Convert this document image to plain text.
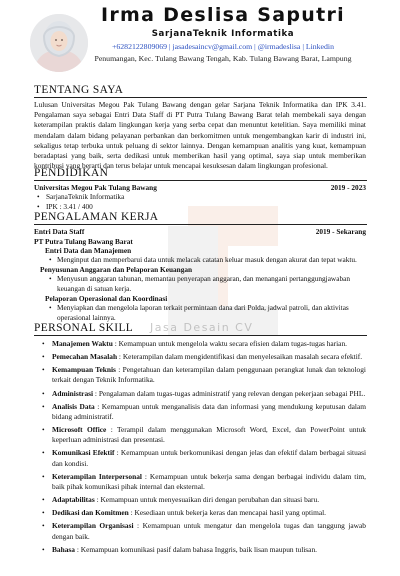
Irma Deslisa Saputri
SarjanaTeknik Informatika
+6282122809069 | jasadesaincv@gmail.com | @irmadeslisa | Linkedin
Penumangan, Kec. Tulang Bawang Tengah, Kab. Tulang Bawang Barat, Lampung
Jasa Desain CV
TENTANG SAYA
Lulusan Universitas Megou Pak Tulang Bawang dengan gelar Sarjana Teknik Informatika dan IPK 3.41. Pengalaman saya sebagai Entri Data Staff di PT Putra Tulang Bawang Barat telah membekali saya dengan keterampilan praktis dalam lingkungan kerja yang serba cepat dan menuntut ketelitian. Saya memiliki minat mendalam dalam bidang pelayanan perbankan dan berkomitmen untuk mengembangkan karir di industri ini, sekaligus tetap terbuka untuk peluang di sektor lainnya. Dengan kemampuan analitis yang kuat, kemampuan beradaptasi yang baik, serta dedikasi untuk memberikan hasil yang optimal, saya siap untuk memberikan kontribusi yang berarti dan terus belajar untuk mencapai kesuksesan dalam lingkungan profesional.
PENDIDIKAN
Universitas Megou Pak Tulang Bawang	2019 - 2023
• SarjanaTeknik Informatika
• IPK : 3.41 / 400
PENGALAMAN KERJA
Entri Data Staff	2019 - Sekarang
PT Putra Tulang Bawang Barat
Entri Data dan Manajemen
• Menginput dan memperbarui data untuk melacak catatan keluar masuk dengan akurat dan tepat waktu.
Penyusunan Anggaran dan Pelaporan Keuangan
• Menyusun anggaran tahunan, memantau penyerapan anggaran, dan menangani pertanggungjawaban
keuangan di satuan kerja.
Pelaporan Operasional dan Koordinasi
• Menyiapkan dan mengelola laporan terkait permintaan dana dari Polda, jadwal patroli, dan aktivitas
operasional lainnya.
PERSONAL SKILL
• Manajemen Waktu : Kemampuan untuk mengelola waktu secara efisien dalam tugas-tugas harian.
• Pemecahan Masalah : Keterampilan dalam mengidentifikasi dan menyelesaikan masalah secara efektif.
• Kemampuan Teknis : Pengetahuan dan keterampilan dalam penggunaan perangkat lunak dan teknologi terkait dengan Teknik Informatika.
• Administrasi : Pengalaman dalam tugas-tugas administratif yang relevan dengan pekerjaan sebagai PHL.
• Analisis Data : Kemampuan untuk menganalisis data dan informasi yang mendukung keputusan dalam bidang administratif.
• Microsoft Office : Terampil dalam menggunakan Microsoft Word, Excel, dan PowerPoint untuk keperluan administrasi dan presentasi.
• Komunikasi Efektif : Kemampuan untuk berkomunikasi dengan jelas dan efektif dalam berbagai situasi dan kondisi.
• Keterampilan Interpersonal : Kemampuan untuk bekerja sama dengan berbagai individu dalam tim, baik pihak komunikasi pihak internal dan eksternal.
• Adaptabilitas : Kemampuan untuk menyesuaikan diri dengan perubahan dan situasi baru.
• Dedikasi dan Komitmen : Kesediaan untuk bekerja keras dan mencapai hasil yang optimal.
• Keterampilan Organisasi : Kemampuan untuk mengatur dan mengelola tugas dan tanggung jawab dengan baik.
• Bahasa : Kemampuan komunikasi pasif dalam bahasa Inggris, baik lisan maupun tulisan.
